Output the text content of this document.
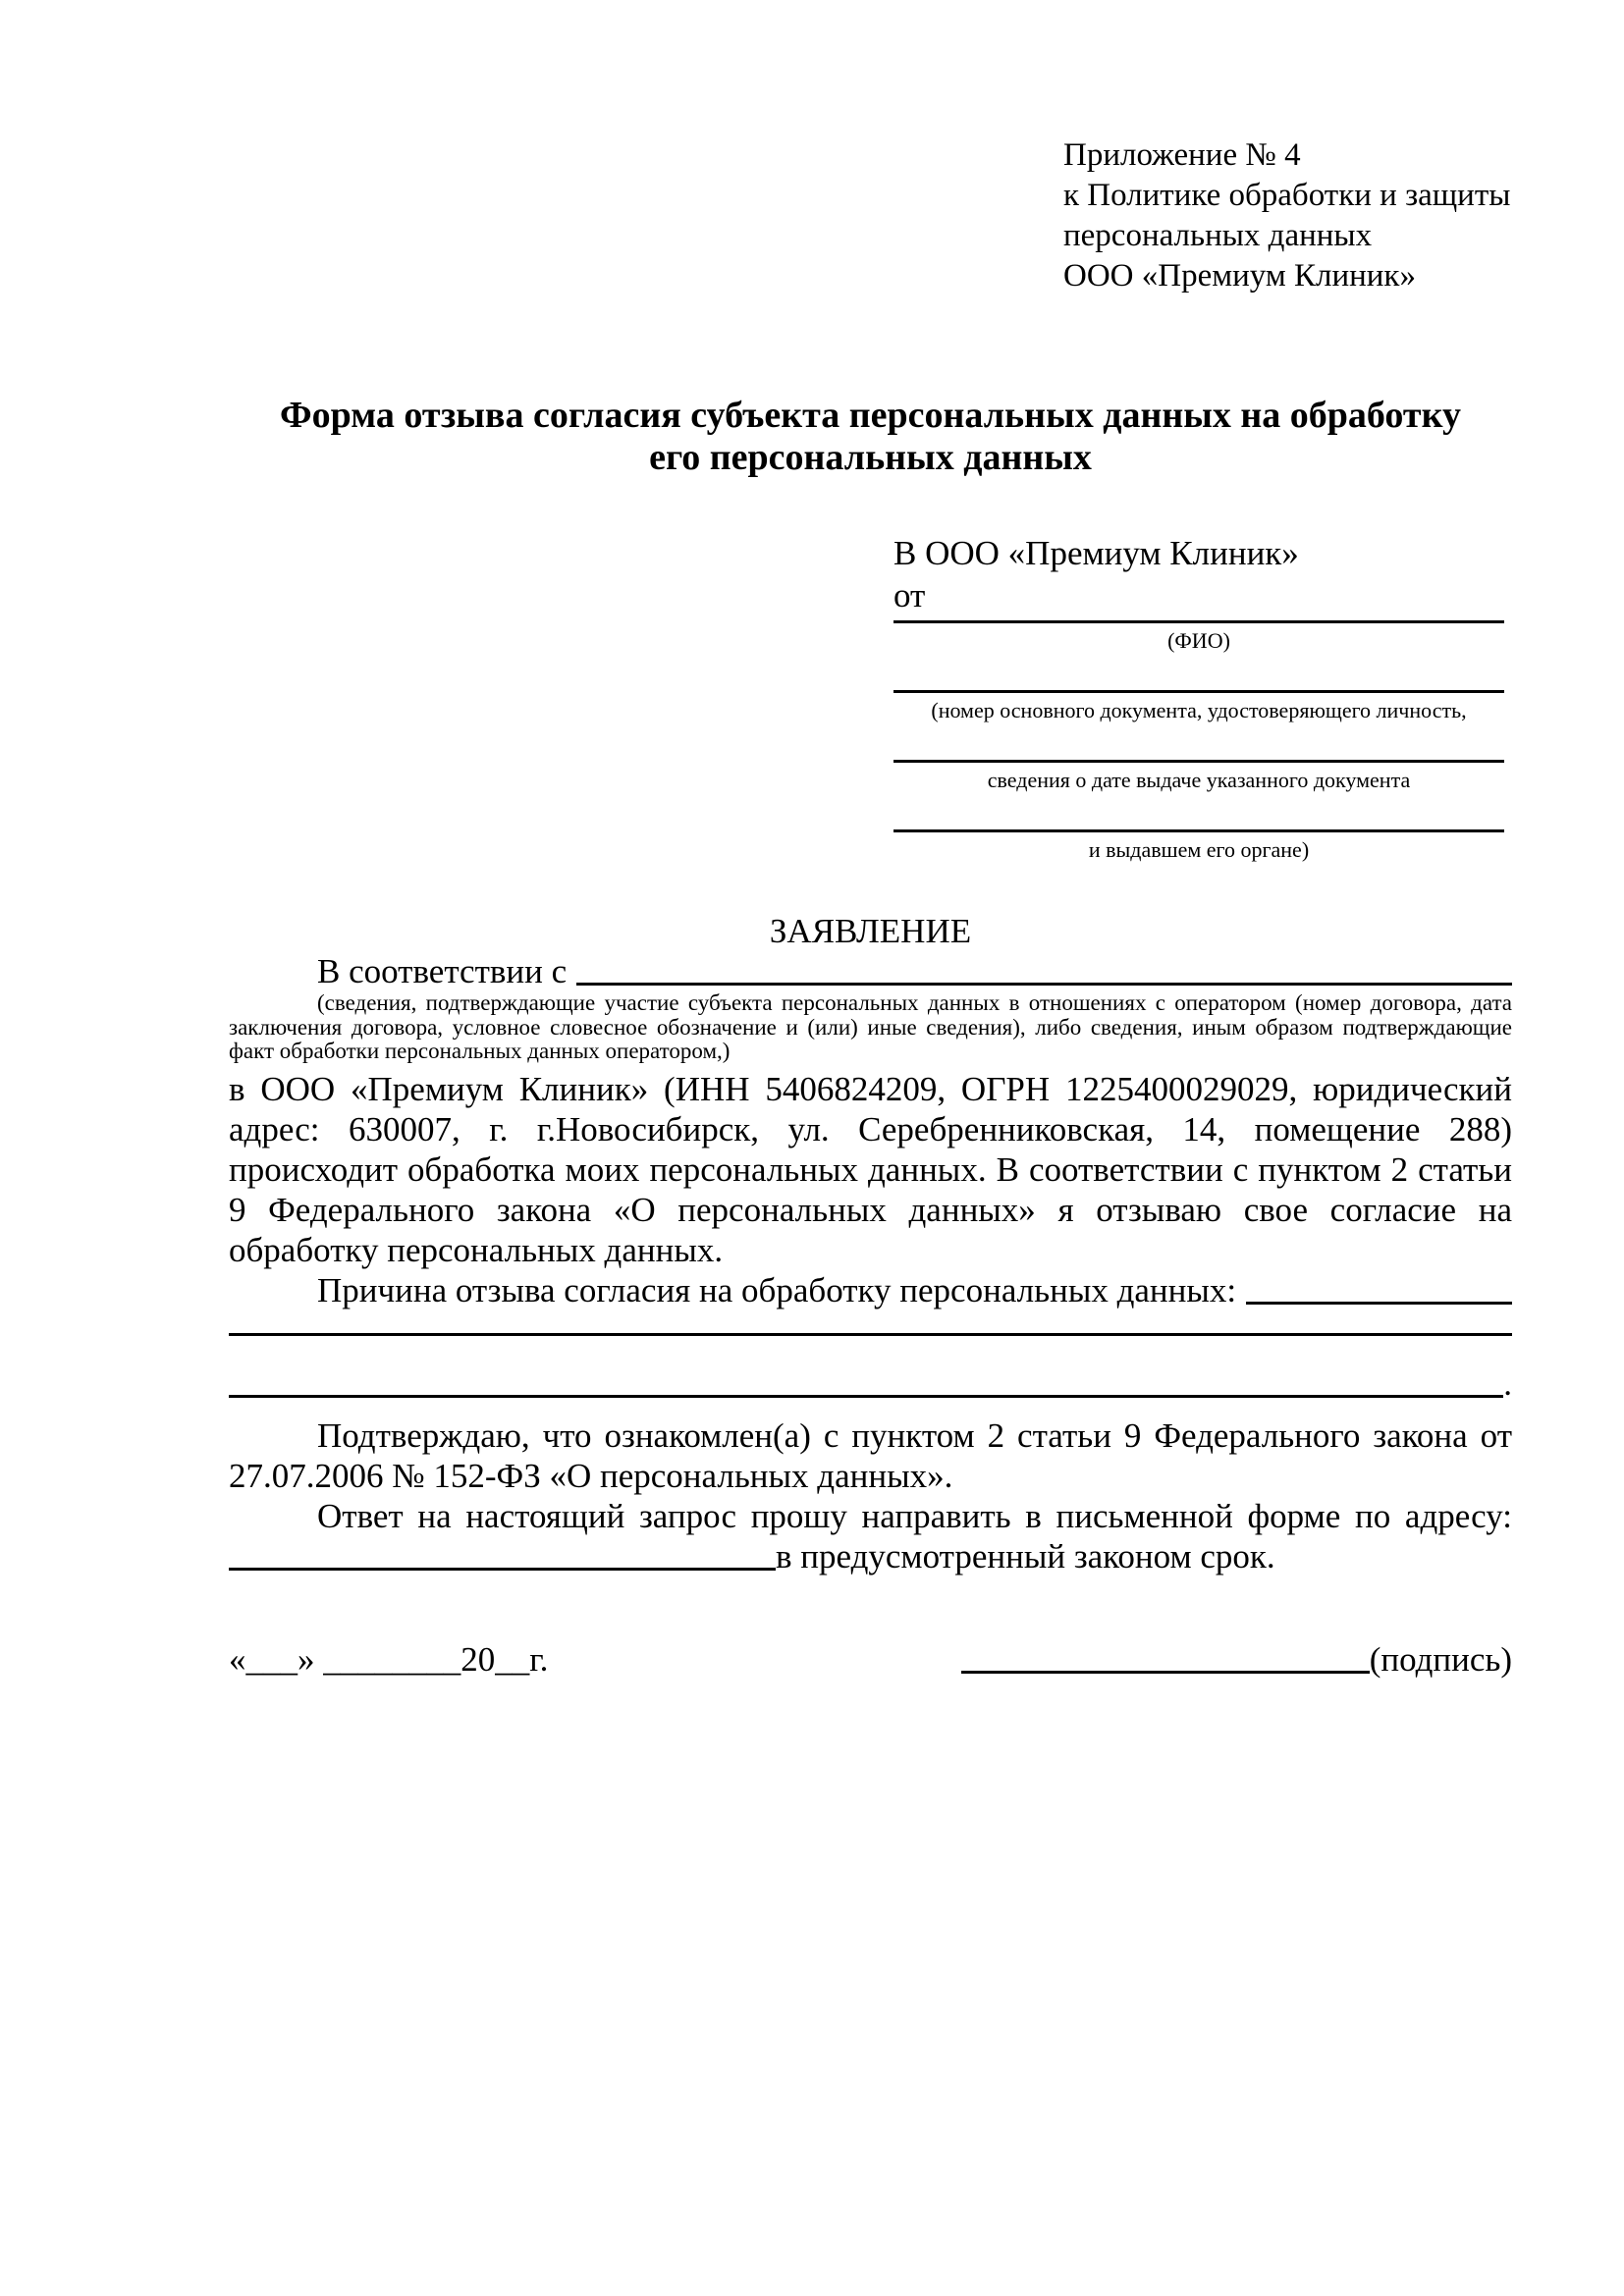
Приложение № 4
к Политике обработки и защиты
персональных данных
ООО «Премиум Клиник»
Форма отзыва согласия субъекта персональных данных на обработку
его персональных данных
В ООО «Премиум Клиник»
от
(ФИО)
(номер основного документа, удостоверяющего личность,
сведения о дате выдаче указанного документа
и выдавшем его органе)
ЗАЯВЛЕНИЕ
В соответствии с

(сведения, подтверждающие участие субъекта персональных данных в отношениях с оператором (номер договора, дата заключения договора, условное словесное обозначение и (или) иные сведения), либо сведения, иным образом подтверждающие факт обработки персональных данных оператором,)

в ООО «Премиум Клиник» (ИНН 5406824209, ОГРН 1225400029029, юридический адрес: 630007, г. г.Новосибирск, ул. Серебренниковская, 14, помещение 288) происходит обработка моих персональных данных. В соответствии с пунктом 2 статьи 9 Федерального закона «О персональных данных» я отзываю свое согласие на обработку персональных данных.

Причина отзыва согласия на обработку персональных данных:
.

Подтверждаю, что ознакомлен(а) с пунктом 2 статьи 9 Федерального закона от 27.07.2006 № 152-ФЗ «О персональных данных».

Ответ на настоящий запрос прошу направить в письменной форме по адресу:

в предусмотренный законом срок.
«___» ________20__г.	(подпись)
